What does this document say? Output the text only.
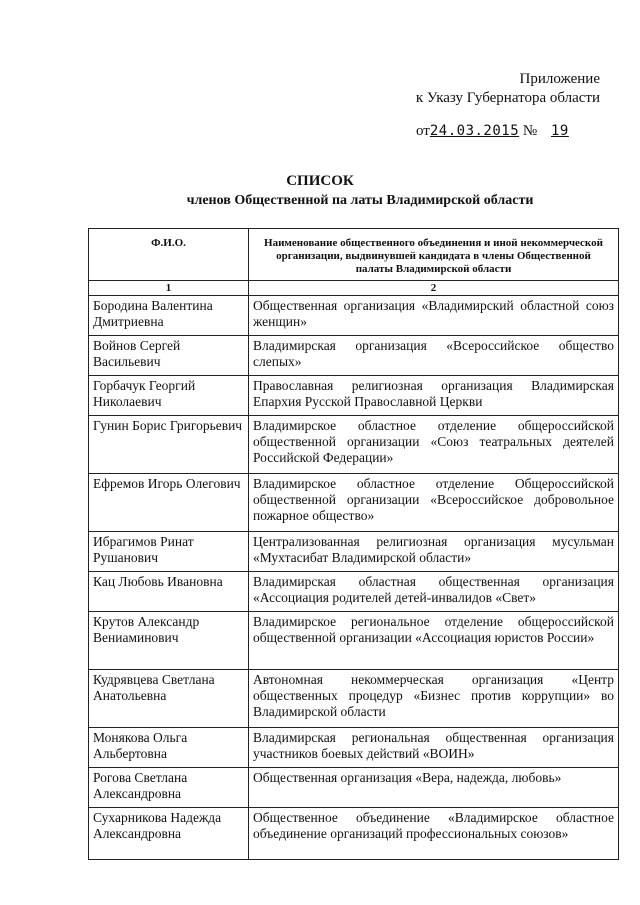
Приложение
к Указу Губернатора области
от24.03.2015 № 19
СПИСОК
членов Общественной па латы Владимирской области
Ф.И.О.	Наименование общественного объединения и иной некоммерческой организации, выдвинувшей кандидата в члены Общественной палаты Владимирской области
1	2
Бородина Валентина Дмитриевна	Общественная организация «Владимирский областной союз женщин»
Войнов Сергей Васильевич	Владимирская организация «Всероссийское общество слепых»
Горбачук Георгий Николаевич	Православная религиозная организация Владимирская Епархия Русской Православной Церкви
Гунин Борис Григорьевич	Владимирское областное отделение общероссийской общественной организации «Союз театральных деятелей Российской Федерации»
Ефремов Игорь Олегович	Владимирское областное отделение Общероссийской общественной организации «Всероссийское добровольное пожарное общество»
Ибрагимов Ринат Рушанович	Централизованная религиозная организация мусульман «Мухтасибат Владимирской области»
Кац Любовь Ивановна	Владимирская областная общественная организация «Ассоциация родителей детей-инвалидов «Свет»
Крутов Александр Вениаминович	Владимирское региональное отделение общероссийской общественной организации «Ассоциация юристов России»
Кудрявцева Светлана Анатольевна	Автономная некоммерческая организация «Центр общественных процедур «Бизнес против коррупции» во Владимирской области
Монякова Ольга Альбертовна	Владимирская региональная общественная организация участников боевых действий «ВОИН»
Рогова Светлана Александровна	Общественная организация «Вера, надежда, любовь»
Сухарникова Надежда Александровна	Общественное объединение «Владимирское областное объединение организаций профессиональных союзов»
